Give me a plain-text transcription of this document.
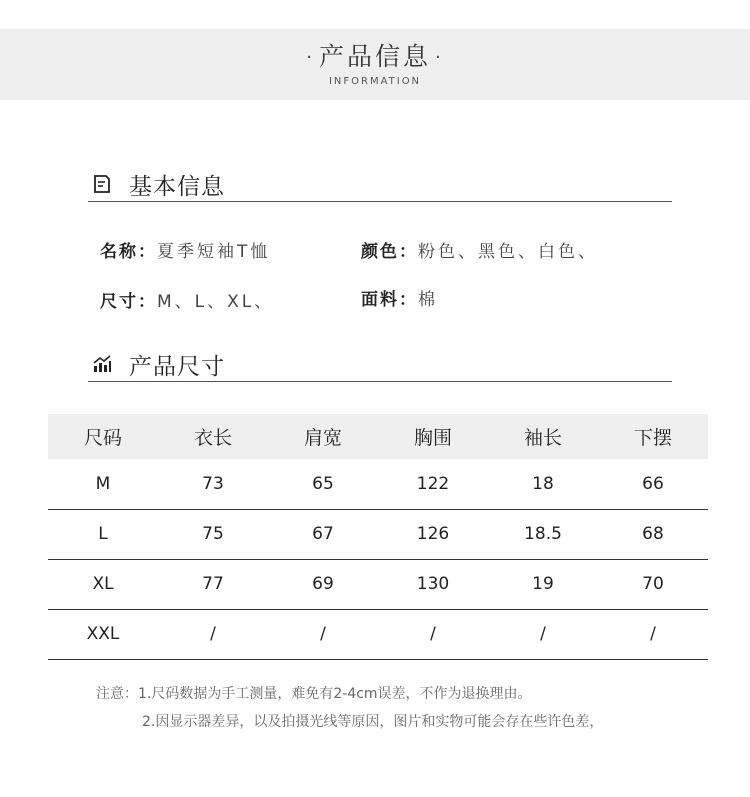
· 产品信息 ·
INFORMATION
基本信息
名称：夏季短袖T恤	颜色：粉色、黑色、白色、
尺寸：M、L、XL、	面料：棉
产品尺寸
尺码	衣长	肩宽	胸围	袖长	下摆
M	73	65	122	18	66
L	75	67	126	18.5	68
XL	77	69	130	19	70
XXL	/	/	/	/	/
注意：1.尺码数据为手工测量，难免有2-4cm误差，不作为退换理由。
2.因显示器差异，以及拍摄光线等原因，图片和实物可能会存在些许色差，
